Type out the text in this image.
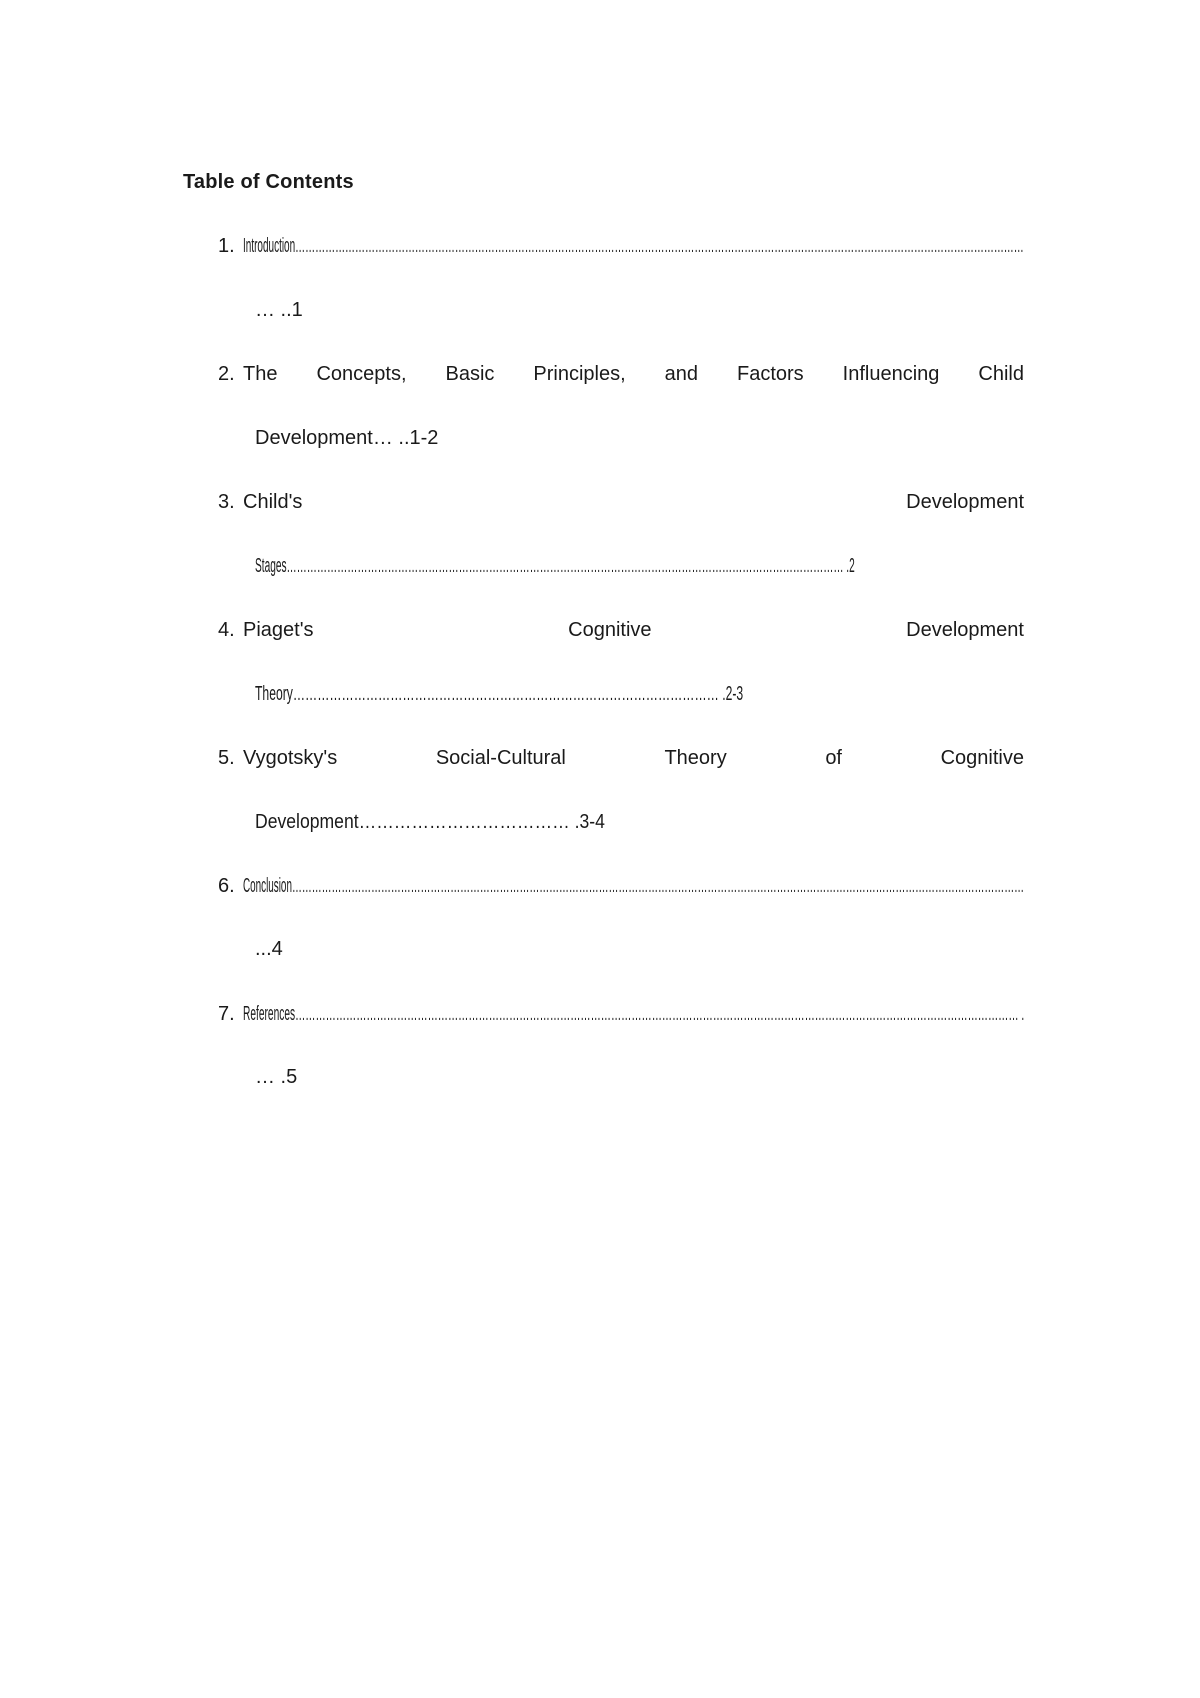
Table of Contents
1. Introduction…………………………………………………………………………………………………………………………………………………………………………………………………
… ..1
2. The Concepts, Basic Principles, and Factors Influencing Child
Development… ..1-2
3. Child's	Development
Stages………………………………………………………………………………………………………………………………………………… .2
4. Piaget's	Cognitive	Development
Theory…………………………………………………………………………………………… .2-3
5. Vygotsky's	Social-Cultural	Theory	of	Cognitive
Development……………………………… .3-4
6. Conclusion……………………………………………………………………………………………………………………………………………………………………………………………………
...4
7. References…………………………………………………………………………………………………………………………………………………………………………………………… .
… .5
